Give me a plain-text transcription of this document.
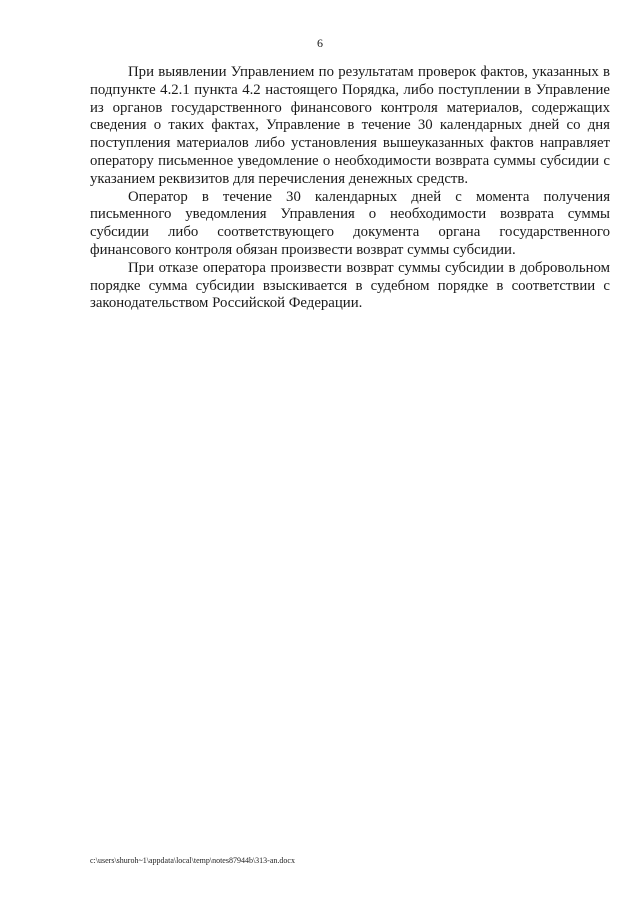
6

При выявлении Управлением по результатам проверок фактов, указанных в подпункте 4.2.1 пункта 4.2 настоящего Порядка, либо поступлении в Управление из органов государственного финансового контроля материалов, содержащих сведения о таких фактах, Управление в течение 30 календарных дней со дня поступления материалов либо установления вышеуказанных фактов направляет оператору письменное уведомление о необходимости возврата суммы субсидии с указанием реквизитов для перечисления денежных средств.

Оператор в течение 30 календарных дней с момента получения письменного уведомления Управления о необходимости возврата суммы субсидии либо соответствующего документа органа государственного финансового контроля обязан произвести возврат суммы субсидии.

При отказе оператора произвести возврат суммы субсидии в добровольном порядке сумма субсидии взыскивается в судебном порядке в соответствии с законодательством Российской Федерации.

c:\users\shuroh~1\appdata\local\temp\notes87944b\313-an.docx
